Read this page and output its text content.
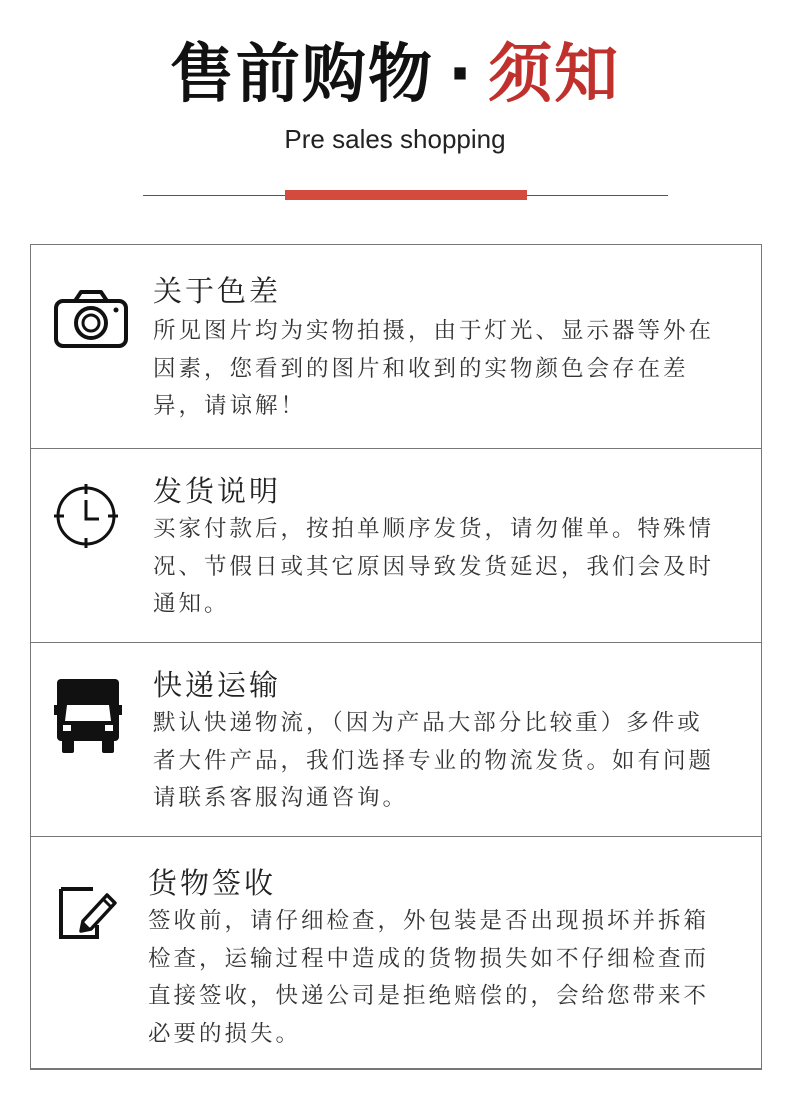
售前购物 · 须知
Pre sales shopping
关于色差
所见图片均为实物拍摄，由于灯光、显示器等外在因素，您看到的图片和收到的实物颜色会存在差异，请谅解！
发货说明
买家付款后，按拍单顺序发货，请勿催单。特殊情况、节假日或其它原因导致发货延迟，我们会及时通知。
快递运输
默认快递物流，（因为产品大部分比较重）多件或者大件产品，我们选择专业的物流发货。如有问题请联系客服沟通咨询。
货物签收
签收前，请仔细检查，外包装是否出现损坏并拆箱检查，运输过程中造成的货物损失如不仔细检查而直接签收，快递公司是拒绝赔偿的，会给您带来不必要的损失。
